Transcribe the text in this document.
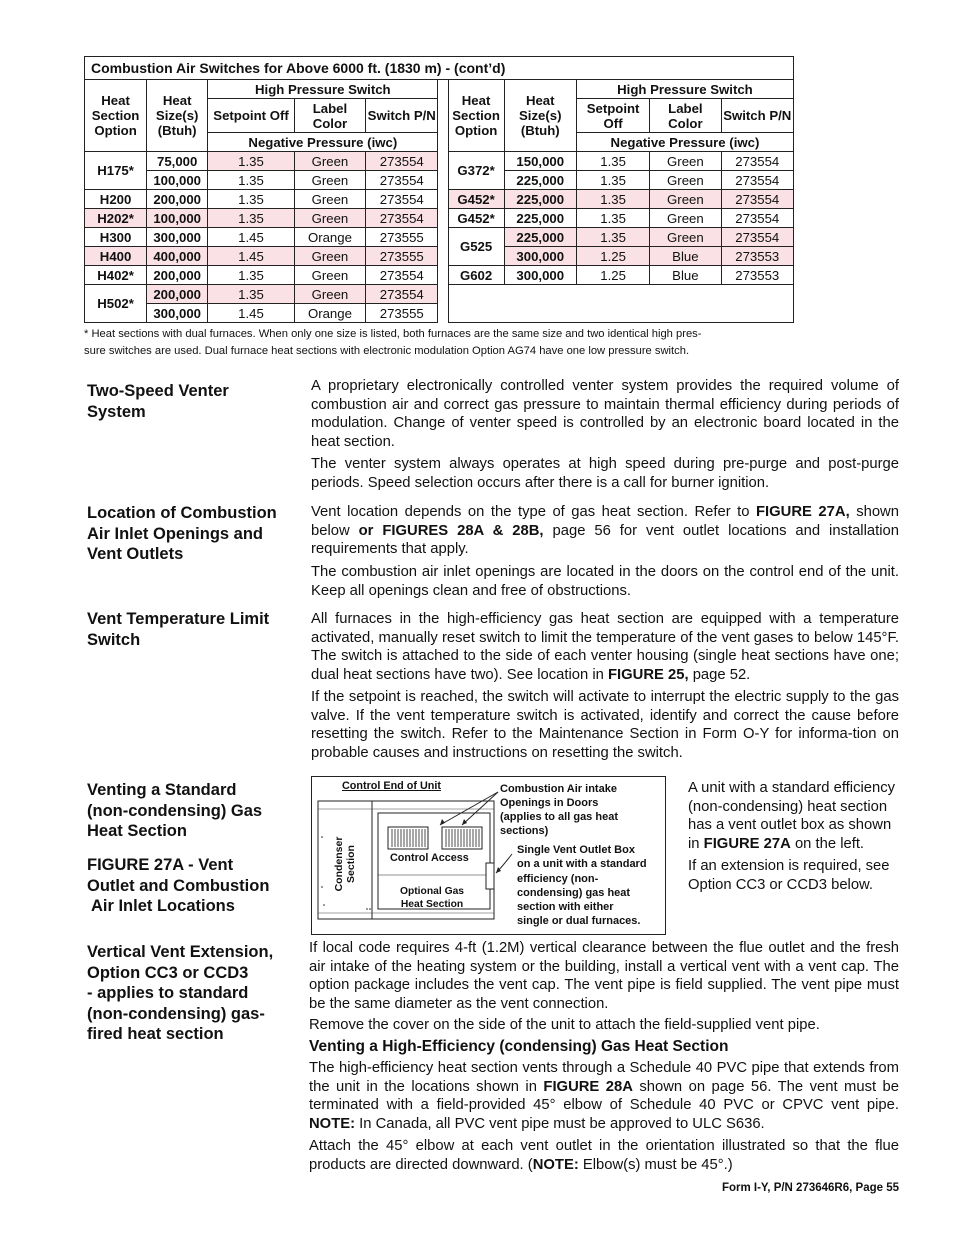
Combustion Air Switches for Above 6000 ft. (1830 m) - (cont’d)										
Heat Section Option	Heat Size(s) (Btuh)	High Pressure Switch				Heat Section Option	Heat Size(s) (Btuh)	High Pressure Switch		
		Setpoint Off	Label Color	Switch P/N				Setpoint Off	Label Color	Switch P/N
		Negative Pressure (iwc)						Negative Pressure (iwc)		
H175*	75,000	1.35	Green	273554		G372*	150,000	1.35	Green	273554
	100,000	1.35	Green	273554			225,000	1.35	Green	273554
H200	200,000	1.35	Green	273554		G452*	225,000	1.35	Green	273554
H202*	100,000	1.35	Green	273554		G452*	225,000	1.35	Green	273554
H300	300,000	1.45	Orange	273555		G525	225,000	1.35	Green	273554
H400	400,000	1.45	Green	273555			300,000	1.25	Blue	273553
H402*	200,000	1.35	Green	273554		G602	300,000	1.25	Blue	273553
H502*	200,000	1.35	Green	273554						
	300,000	1.45	Orange	273555						
* Heat sections with dual furnaces. When only one size is listed, both furnaces are the same size and two identical high pres-
sure switches are used. Dual furnace heat sections with electronic modulation Option AG74 have one low pressure switch.
Two-Speed Venter
System
A proprietary electronically controlled venter system provides the required volume of combustion air and correct gas pressure to maintain thermal efficiency during periods of modulation. Change of venter speed is controlled by an electronic board located in the heat section.
The venter system always operates at high speed during pre-purge and post-purge periods. Speed selection occurs after there is a call for burner ignition.
Location of Combustion
Air Inlet Openings and
Vent Outlets
Vent location depends on the type of gas heat section. Refer to FIGURE 27A, shown below or FIGURES 28A & 28B, page 56 for vent outlet locations and installation requirements that apply.
The combustion air inlet openings are located in the doors on the control end of the unit. Keep all openings clean and free of obstructions.
Vent Temperature Limit
Switch
All furnaces in the high-efficiency gas heat section are equipped with a temperature activated, manually reset switch to limit the temperature of the vent gases to below 145°F. The switch is attached to the side of each venter housing (single heat sections have one; dual heat sections have two). See location in FIGURE 25, page 52.
If the setpoint is reached, the switch will activate to interrupt the electric supply to the gas valve. If the vent temperature switch is activated, identify and correct the cause before resetting the switch. Refer to the Maintenance Section in Form O-Y for informa-tion on probable causes and instructions on resetting the switch.
Venting a Standard
(non-condensing) Gas
Heat Section
FIGURE 27A - Vent
Outlet and Combustion
Air Inlet Locations
A unit with a standard efficiency (non-condensing) heat section has a vent outlet box as shown in FIGURE 27A on the left.
If an extension is required, see Option CC3 or CCD3 below.
Control End of Unit	Combustion Air intake
Openings in Doors
(applies to all gas heat
sections)
Condenser Section	Control Access
Optional Gas
Heat Section
Single Vent Outlet Box
on a unit with a standard
efficiency (non-
condensing) gas heat
section with either
single or dual furnaces.
Vertical Vent Extension,
Option CC3 or CCD3
- applies to standard
(non-condensing) gas-
fired heat section
If local code requires 4-ft (1.2M) vertical clearance between the flue outlet and the fresh air intake of the heating system or the building, install a vertical vent with a vent cap. The option package includes the vent cap. The vent pipe is field supplied. The vent pipe must be the same diameter as the vent connection.
Remove the cover on the side of the unit to attach the field-supplied vent pipe.
Venting a High-Efficiency (condensing) Gas Heat Section
The high-efficiency heat section vents through a Schedule 40 PVC pipe that extends from the unit in the locations shown in FIGURE 28A shown on page 56. The vent must be terminated with a field-provided 45° elbow of Schedule 40 PVC or CPVC vent pipe. NOTE: In Canada, all PVC vent pipe must be approved to ULC S636.
Attach the 45° elbow at each vent outlet in the orientation illustrated so that the flue products are directed downward. (NOTE: Elbow(s) must be 45°.)
Form I-Y, P/N 273646R6, Page 55
